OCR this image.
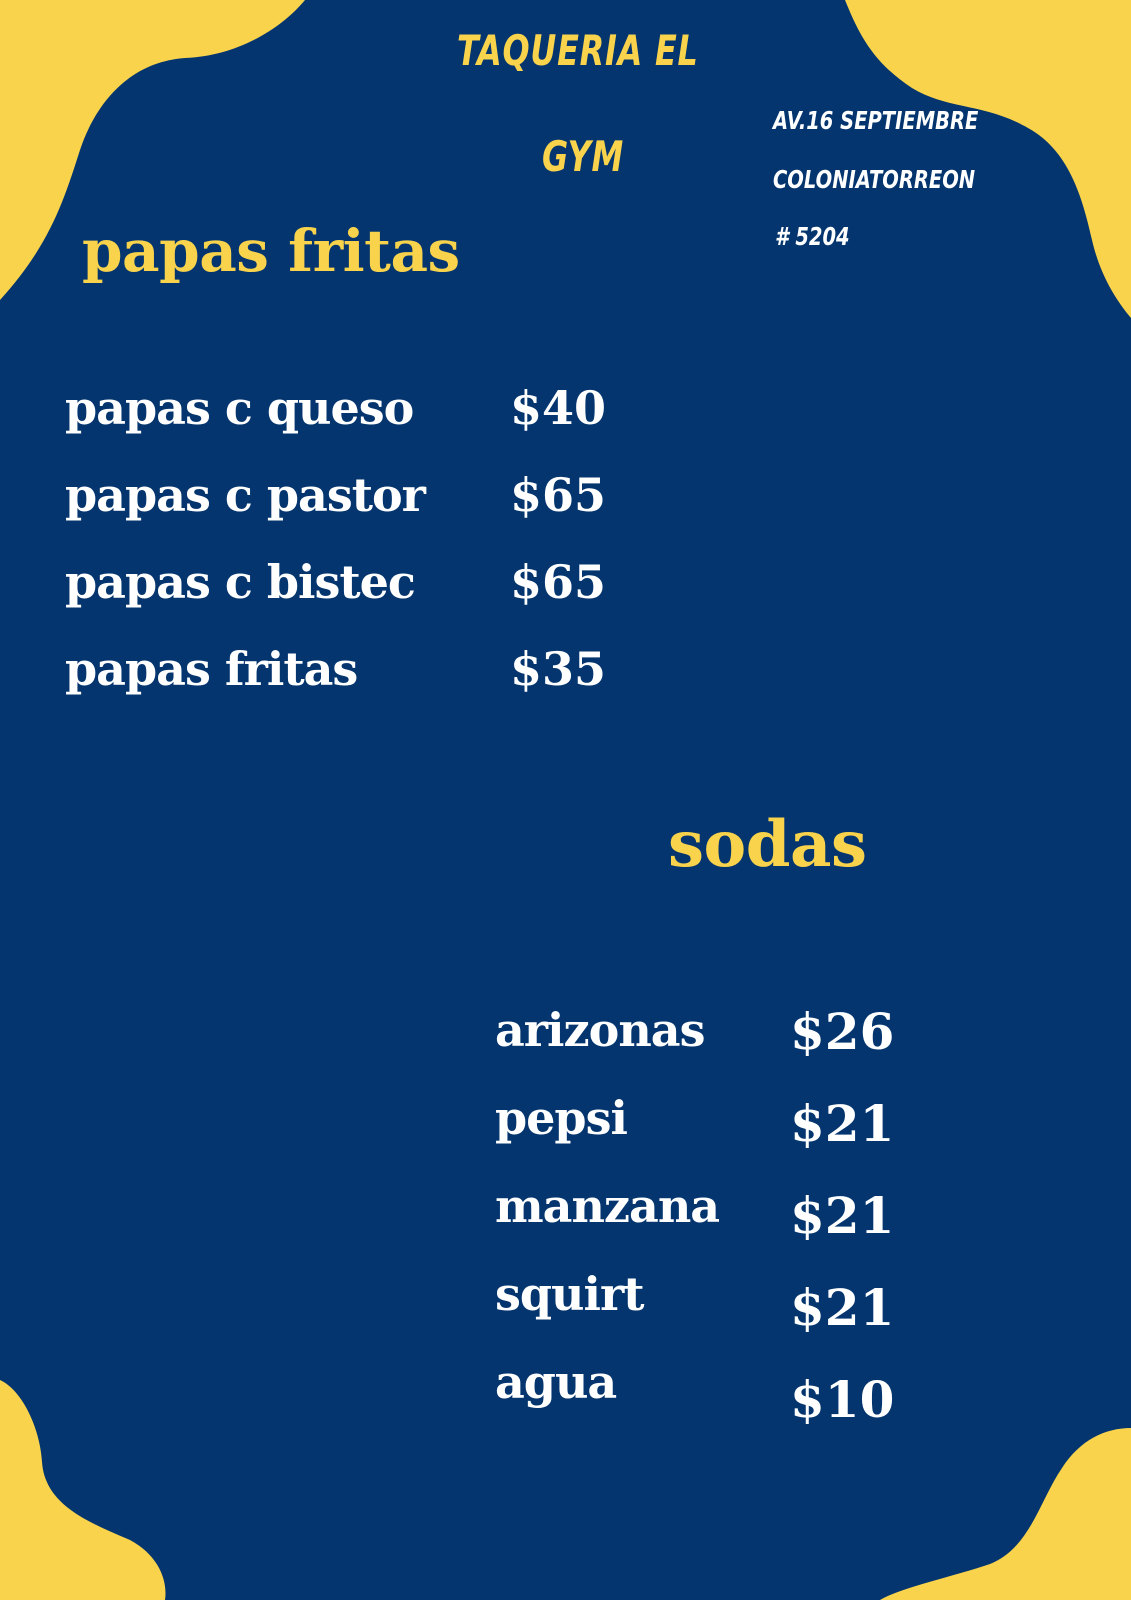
TAQUERIA EL
GYM
AV.16 SEPTIEMBRE
COLONIATORREON
# 5204
papas fritas
papas c queso $40
papas c pastor $65
papas c bistec $65
papas fritas	$35
sodas
arizonas $26
pepsi	$21
manzana $21
squirt	$21
agua	$10
